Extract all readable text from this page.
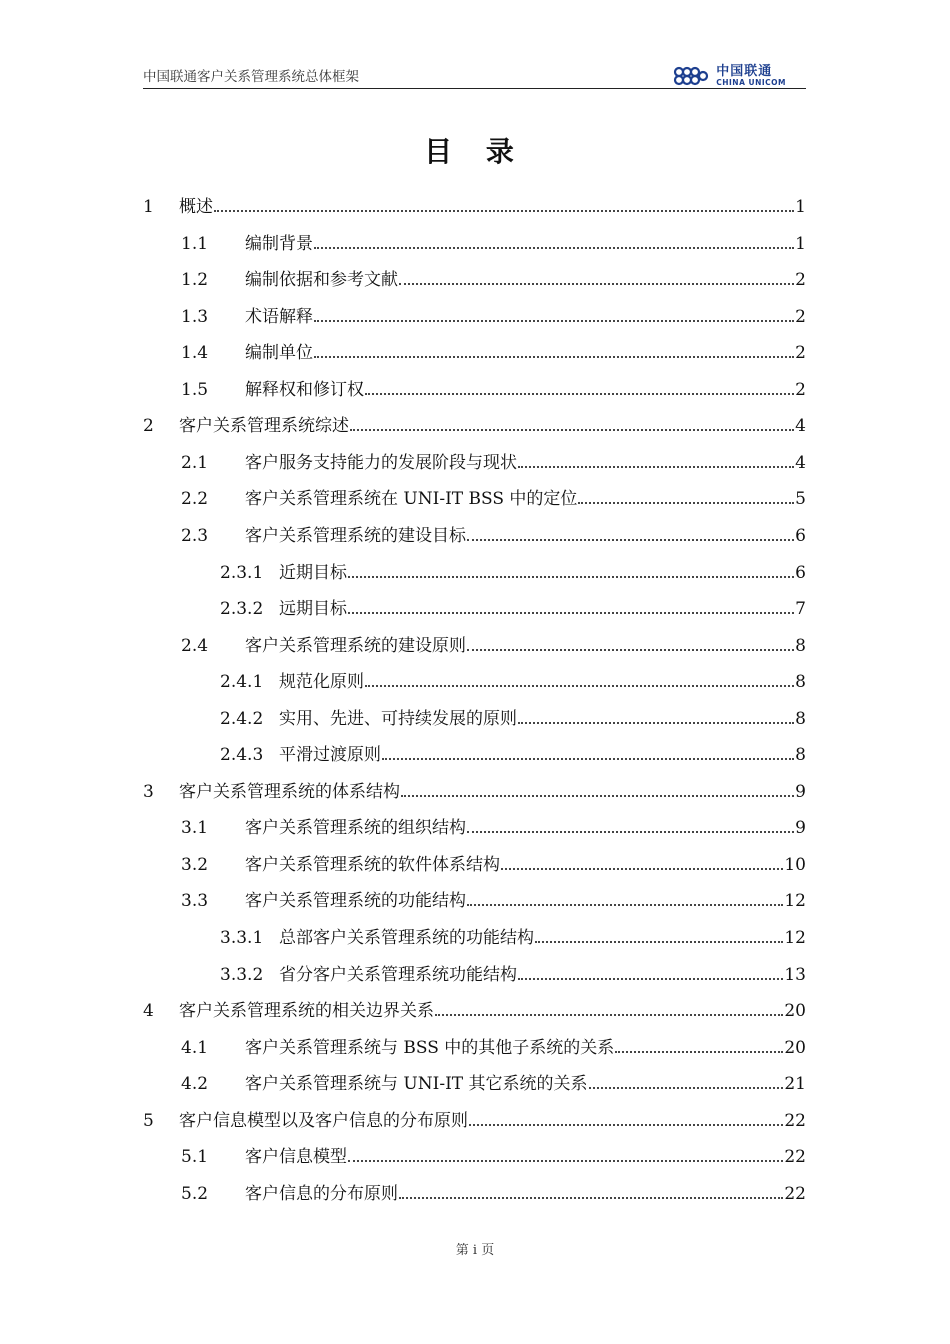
中国联通客户关系管理系统总体框架	中国联通
CHINA UNICOM
目 录
1	概述	1
1.1	编制背景	1
1.2	编制依据和参考文献	2
1.3	术语解释	2
1.4	编制单位	2
1.5	解释权和修订权	2
2	客户关系管理系统综述	4
2.1	客户服务支持能力的发展阶段与现状	4
2.2	客户关系管理系统在 UNI-IT BSS 中的定位	5
2.3	客户关系管理系统的建设目标	6
2.3.1 近期目标	6
2.3.2 远期目标	7
2.4	客户关系管理系统的建设原则	8
2.4.1 规范化原则	8
2.4.2 实用、先进、可持续发展的原则	8
2.4.3 平滑过渡原则	8
3	客户关系管理系统的体系结构	9
3.1	客户关系管理系统的组织结构	9
3.2	客户关系管理系统的软件体系结构	10
3.3	客户关系管理系统的功能结构	12
3.3.1 总部客户关系管理系统的功能结构	12
3.3.2 省分客户关系管理系统功能结构	13
4	客户关系管理系统的相关边界关系	20
4.1	客户关系管理系统与 BSS 中的其他子系统的关系	20
4.2	客户关系管理系统与 UNI-IT 其它系统的关系	21
5	客户信息模型以及客户信息的分布原则	22
5.1	客户信息模型	22
5.2	客户信息的分布原则	22
第 i 页
